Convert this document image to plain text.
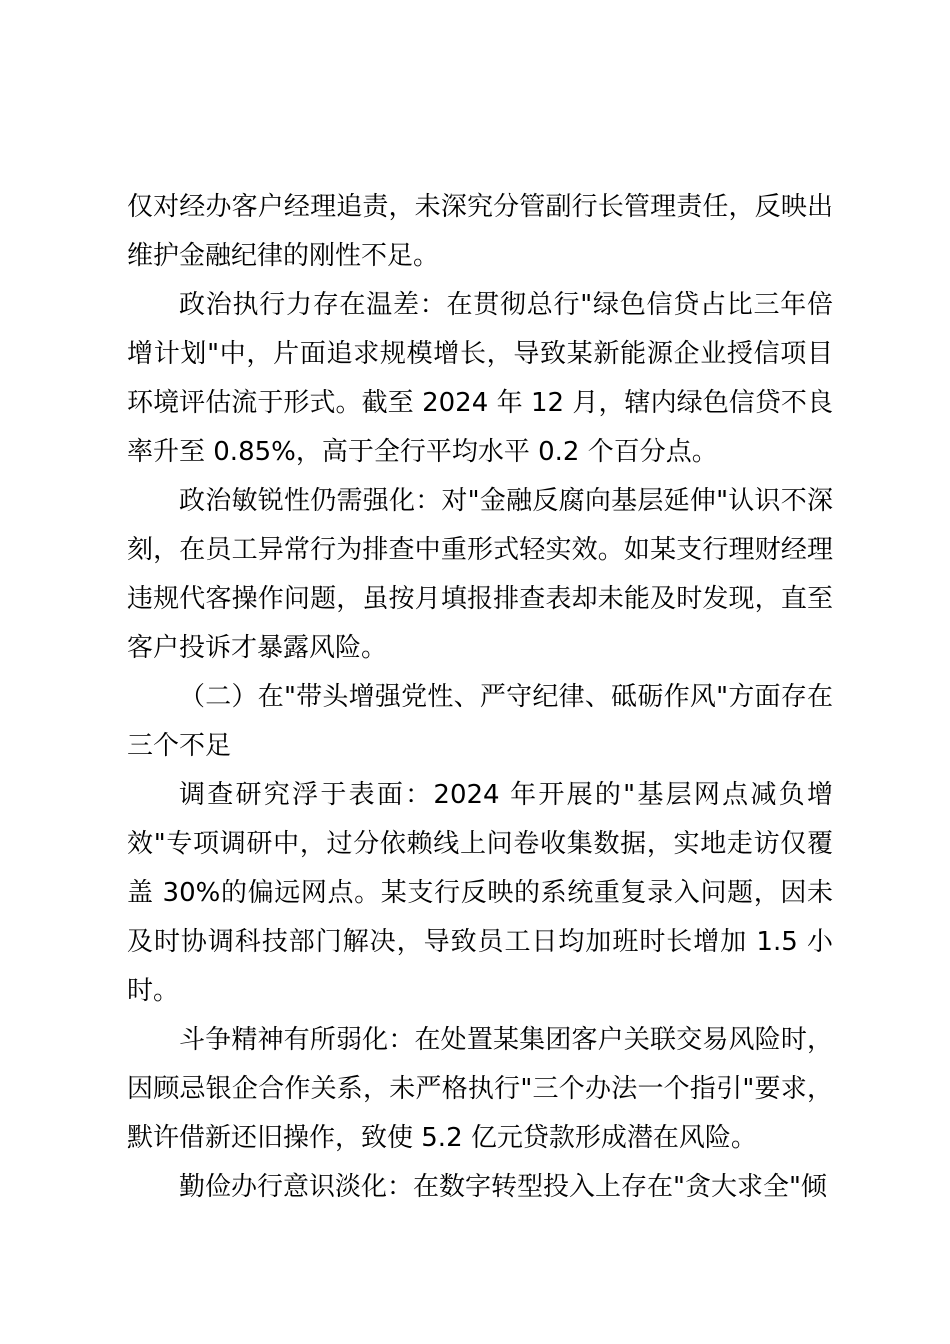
仅对经办客户经理追责，未深究分管副行长管理责任，反映出维护金融纪律的刚性不足。

政治执行力存在温差：在贯彻总行"绿色信贷占比三年倍增计划"中，片面追求规模增长，导致某新能源企业授信项目环境评估流于形式。截至 2024 年 12 月，辖内绿色信贷不良率升至 0.85%，高于全行平均水平 0.2 个百分点。

政治敏锐性仍需强化：对"金融反腐向基层延伸"认识不深刻，在员工异常行为排查中重形式轻实效。如某支行理财经理违规代客操作问题，虽按月填报排查表却未能及时发现，直至客户投诉才暴露风险。

（二）在"带头增强党性、严守纪律、砥砺作风"方面存在三个不足

调查研究浮于表面：2024 年开展的"基层网点减负增效"专项调研中，过分依赖线上问卷收集数据，实地走访仅覆盖 30%的偏远网点。某支行反映的系统重复录入问题，因未及时协调科技部门解决，导致员工日均加班时长增加 1.5 小时。

斗争精神有所弱化：在处置某集团客户关联交易风险时，因顾忌银企合作关系，未严格执行"三个办法一个指引"要求，默许借新还旧操作，致使 5.2 亿元贷款形成潜在风险。

勤俭办行意识淡化：在数字转型投入上存在"贪大求全"倾
